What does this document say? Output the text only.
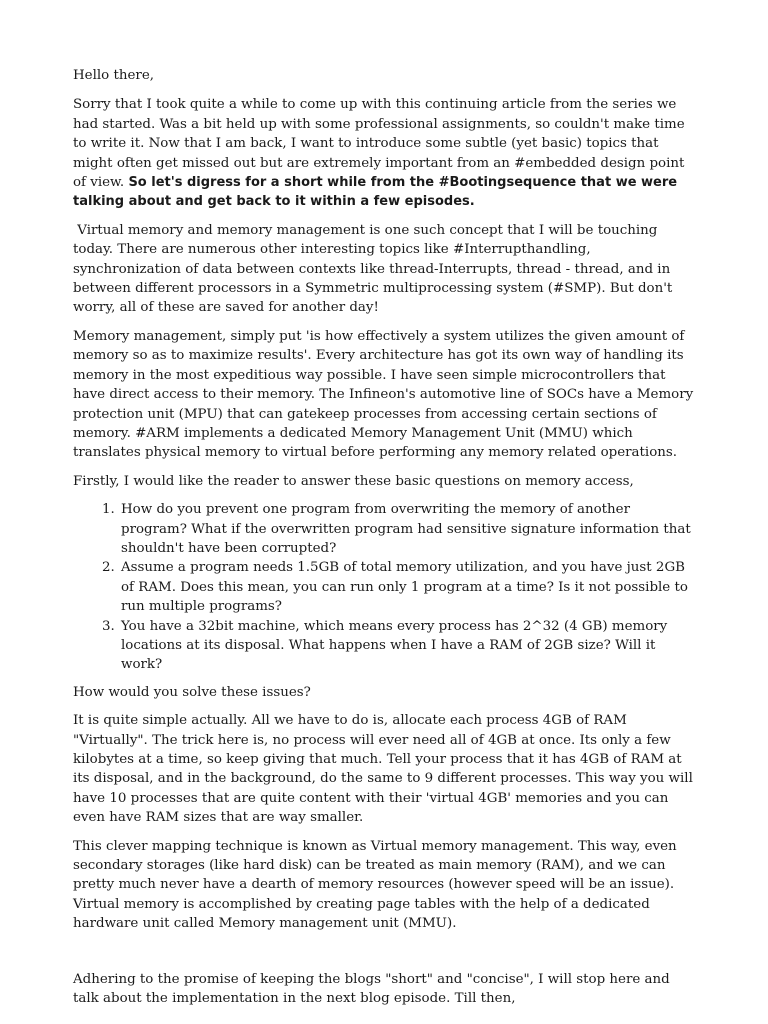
Hello there,

Sorry that I took quite a while to come up with this continuing article from the series we had started. Was a bit held up with some professional assignments, so couldn't make time to write it. Now that I am back, I want to introduce some subtle (yet basic) topics that might often get missed out but are extremely important from an #embedded design point of view. So let's digress for a short while from the #Bootingsequence that we were talking about and get back to it within a few episodes.

Virtual memory and memory management is one such concept that I will be touching today. There are numerous other interesting topics like #Interrupthandling, synchronization of data between contexts like thread-Interrupts, thread - thread, and in between different processors in a Symmetric multiprocessing system (#SMP). But don't worry, all of these are saved for another day!

Memory management, simply put 'is how effectively a system utilizes the given amount of memory so as to maximize results'. Every architecture has got its own way of handling its memory in the most expeditious way possible. I have seen simple microcontrollers that have direct access to their memory. The Infineon's automotive line of SOCs have a Memory protection unit (MPU) that can gatekeep processes from accessing certain sections of memory. #ARM implements a dedicated Memory Management Unit (MMU) which translates physical memory to virtual before performing any memory related operations.

Firstly, I would like the reader to answer these basic questions on memory access,

1. How do you prevent one program from overwriting the memory of another program? What if the overwritten program had sensitive signature information that shouldn't have been corrupted?
2. Assume a program needs 1.5GB of total memory utilization, and you have just 2GB of RAM. Does this mean, you can run only 1 program at a time? Is it not possible to run multiple programs?
3. You have a 32bit machine, which means every process has 2^32 (4 GB) memory locations at its disposal. What happens when I have a RAM of 2GB size? Will it work?

How would you solve these issues?

It is quite simple actually. All we have to do is, allocate each process 4GB of RAM "Virtually". The trick here is, no process will ever need all of 4GB at once. Its only a few kilobytes at a time, so keep giving that much. Tell your process that it has 4GB of RAM at its disposal, and in the background, do the same to 9 different processes. This way you will have 10 processes that are quite content with their 'virtual 4GB' memories and you can even have RAM sizes that are way smaller.

This clever mapping technique is known as Virtual memory management. This way, even secondary storages (like hard disk) can be treated as main memory (RAM), and we can pretty much never have a dearth of memory resources (however speed will be an issue). Virtual memory is accomplished by creating page tables with the help of a dedicated hardware unit called Memory management unit (MMU).

Adhering to the promise of keeping the blogs "short" and "concise", I will stop here and talk about the implementation in the next blog episode. Till then,
